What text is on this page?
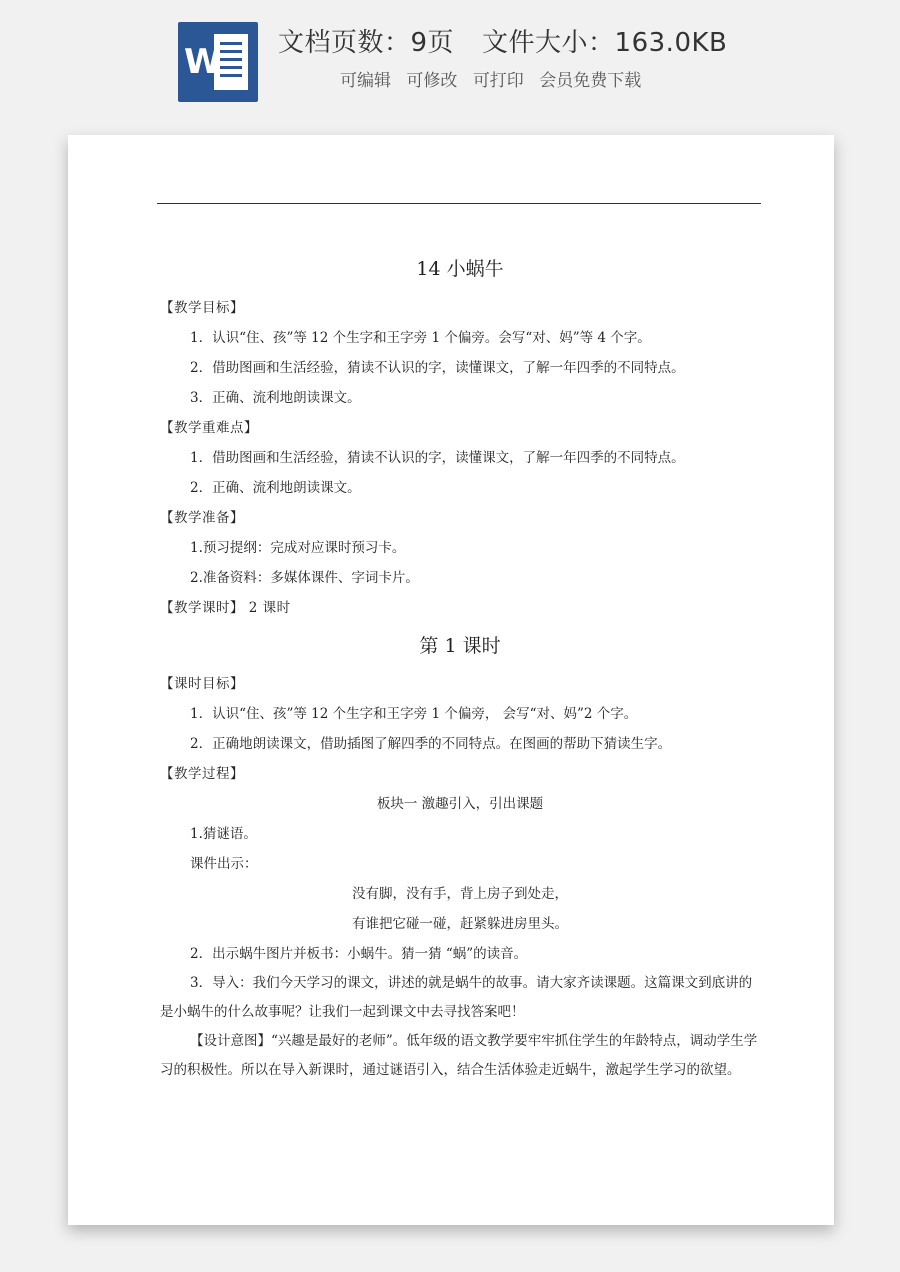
W 文档页数：9页 文件大小：163.0KB
可编辑 可修改 可打印 会员免费下载

14 小蜗牛

【教学目标】

1．认识“住、孩”等 12 个生字和王字旁 1 个偏旁。会写“对、妈”等 4 个字。

2．借助图画和生活经验，猜读不认识的字，读懂课文，了解一年四季的不同特点。

3．正确、流利地朗读课文。

【教学重难点】

1．借助图画和生活经验，猜读不认识的字，读懂课文，了解一年四季的不同特点。

2．正确、流利地朗读课文。

【教学准备】

1.预习提纲：完成对应课时预习卡。

2.准备资料：多媒体课件、字词卡片。

【教学课时】 2 课时

第 1 课时

【课时目标】

1．认识“住、孩”等 12 个生字和王字旁 1 个偏旁， 会写“对、妈”2 个字。

2．正确地朗读课文，借助插图了解四季的不同特点。在图画的帮助下猜读生字。

【教学过程】

板块一 激趣引入，引出课题

1.猜谜语。

课件出示：

没有脚，没有手，背上房子到处走，

有谁把它碰一碰，赶紧躲进房里头。

2．出示蜗牛图片并板书：小蜗牛。猜一猜 “蜗”的读音。

3．导入：我们今天学习的课文，讲述的就是蜗牛的故事。请大家齐读课题。这篇课文到底讲的是小蜗牛的什么故事呢？让我们一起到课文中去寻找答案吧！

【设计意图】“兴趣是最好的老师”。低年级的语文教学要牢牢抓住学生的年龄特点，调动学生学习的积极性。所以在导入新课时，通过谜语引入，结合生活体验走近蜗牛，激起学生学习的欲望。
